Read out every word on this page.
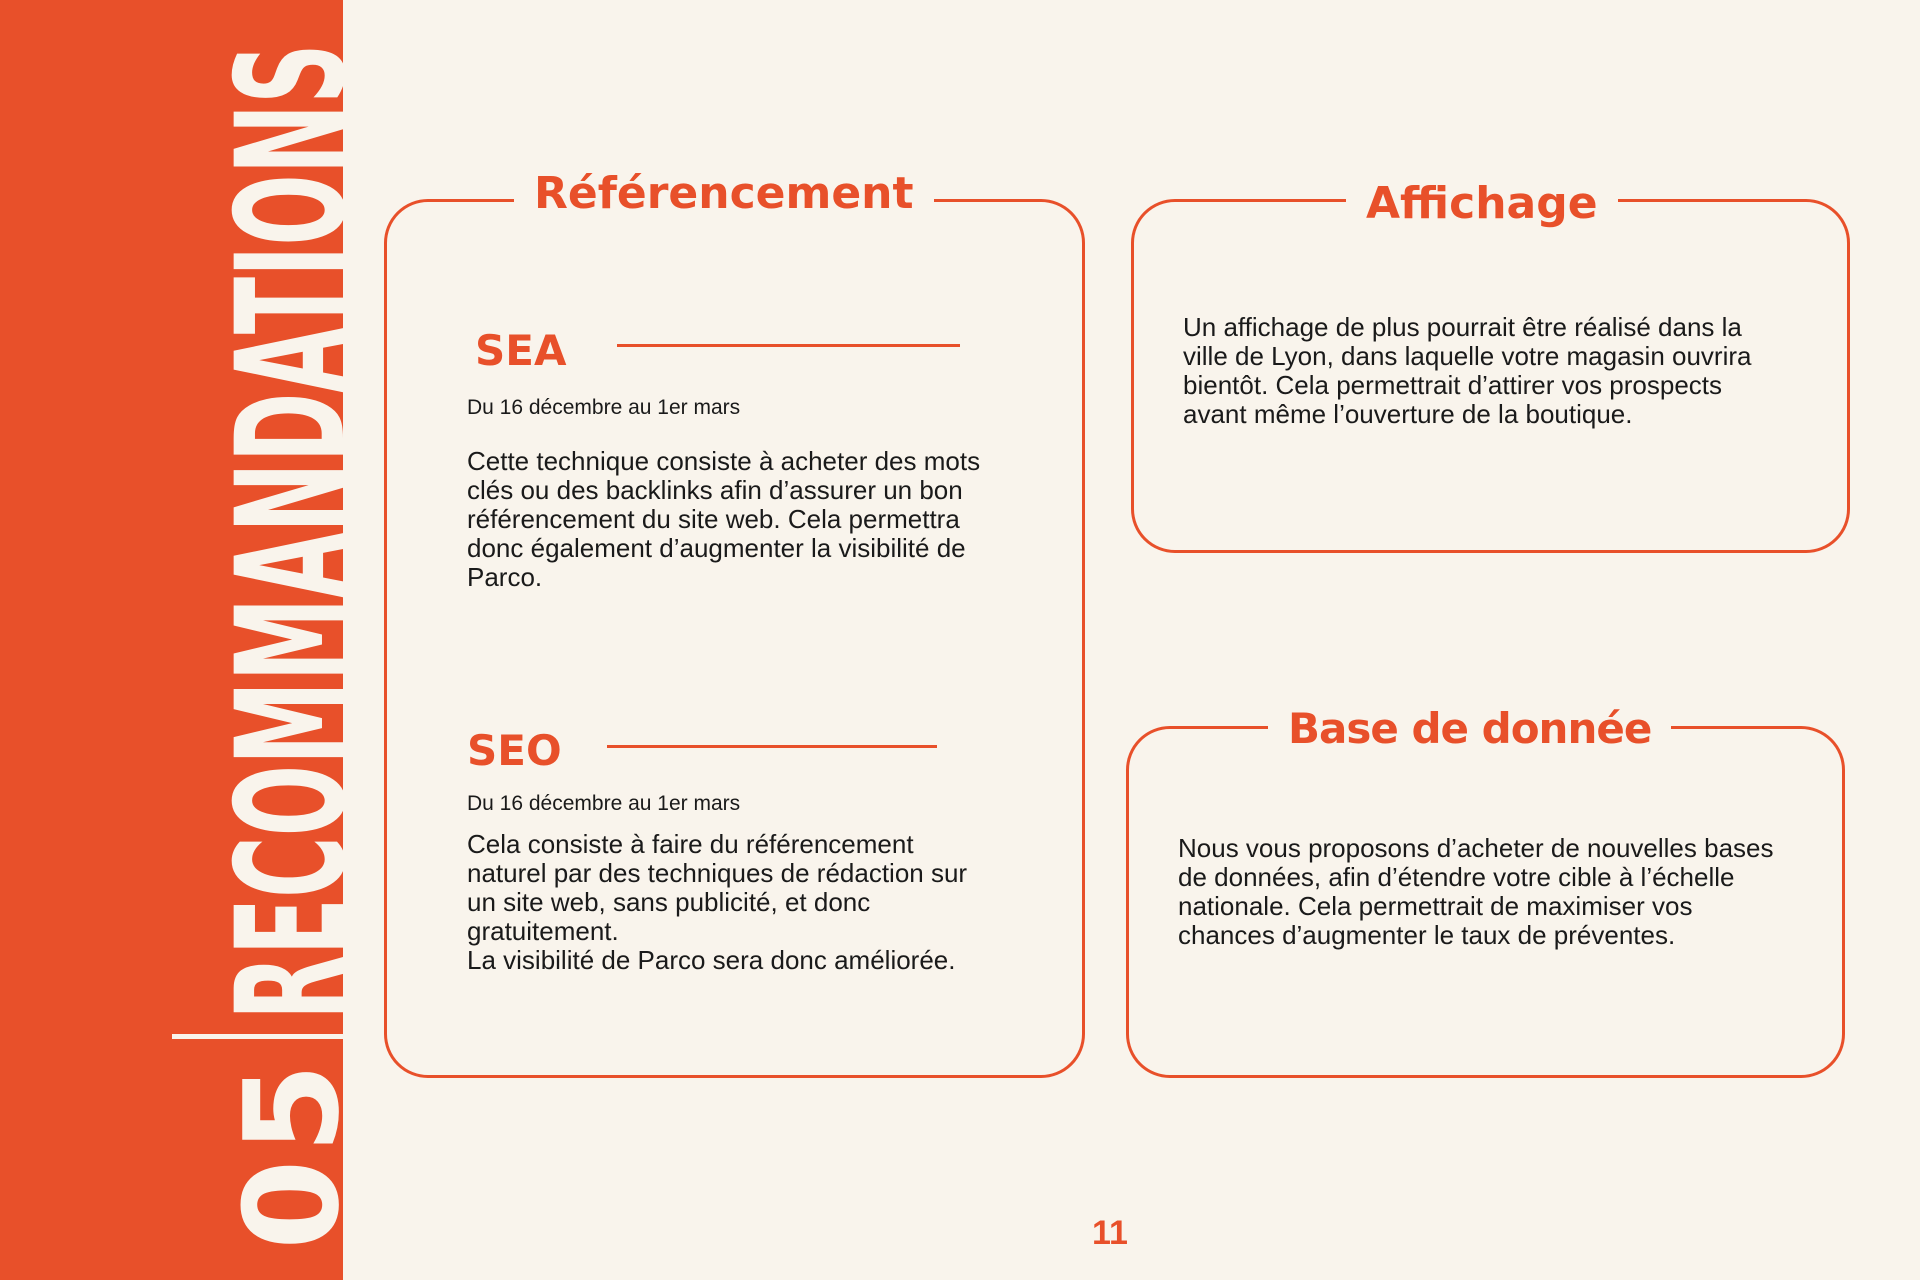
05
RECOMMANDATIONS	Référencement
SEA
Du 16 décembre au 1er mars
Cette technique consiste à acheter des mots
clés ou des backlinks afin d’assurer un bon
référencement du site web. Cela permettra
donc également d’augmenter la visibilité de
Parco.
SEO
Du 16 décembre au 1er mars
Cela consiste à faire du référencement
naturel par des techniques de rédaction sur
un site web, sans publicité, et donc
gratuitement.
La visibilité de Parco sera donc améliorée.
Affichage
Un affichage de plus pourrait être réalisé dans la
ville de Lyon, dans laquelle votre magasin ouvrira
bientôt. Cela permettrait d’attirer vos prospects
avant même l’ouverture de la boutique.
Base de donnée
Nous vous proposons d’acheter de nouvelles bases
de données, afin d’étendre votre cible à l’échelle
nationale. Cela permettrait de maximiser vos
chances d’augmenter le taux de préventes.
11
